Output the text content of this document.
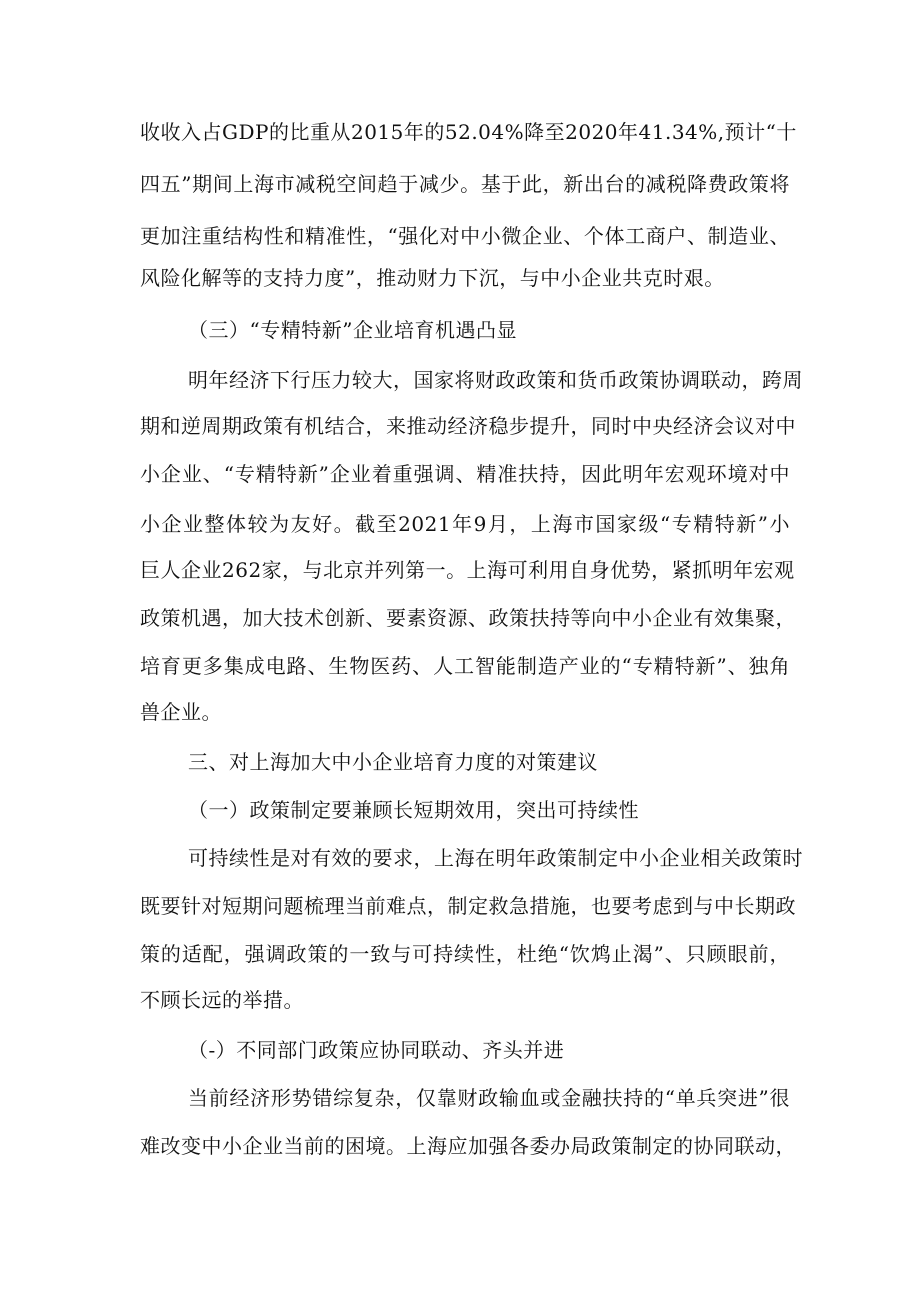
收收入占GDP的比重从2015年的52.04%降至2020年41.34%,预计“十
四五”期间上海市减税空间趋于减少。基于此，新出台的减税降费政策将
更加注重结构性和精准性，“强化对中小微企业、个体工商户、制造业、
风险化解等的支持力度”，推动财力下沉，与中小企业共克时艰。
（三）“专精特新”企业培育机遇凸显
明年经济下行压力较大，国家将财政政策和货币政策协调联动，跨周
期和逆周期政策有机结合，来推动经济稳步提升，同时中央经济会议对中
小企业、“专精特新”企业着重强调、精准扶持，因此明年宏观环境对中
小企业整体较为友好。截至2021年9月，上海市国家级“专精特新”小
巨人企业262家，与北京并列第一。上海可利用自身优势，紧抓明年宏观
政策机遇，加大技术创新、要素资源、政策扶持等向中小企业有效集聚，
培育更多集成电路、生物医药、人工智能制造产业的“专精特新”、独角
兽企业。
三、对上海加大中小企业培育力度的对策建议
（一）政策制定要兼顾长短期效用，突出可持续性
可持续性是对有效的要求，上海在明年政策制定中小企业相关政策时
既要针对短期问题梳理当前难点，制定救急措施，也要考虑到与中长期政
策的适配，强调政策的一致与可持续性，杜绝“饮鸩止渴”、只顾眼前，
不顾长远的举措。
（-）不同部门政策应协同联动、齐头并进
当前经济形势错综复杂，仅靠财政输血或金融扶持的“单兵突进”很
难改变中小企业当前的困境。上海应加强各委办局政策制定的协同联动，
